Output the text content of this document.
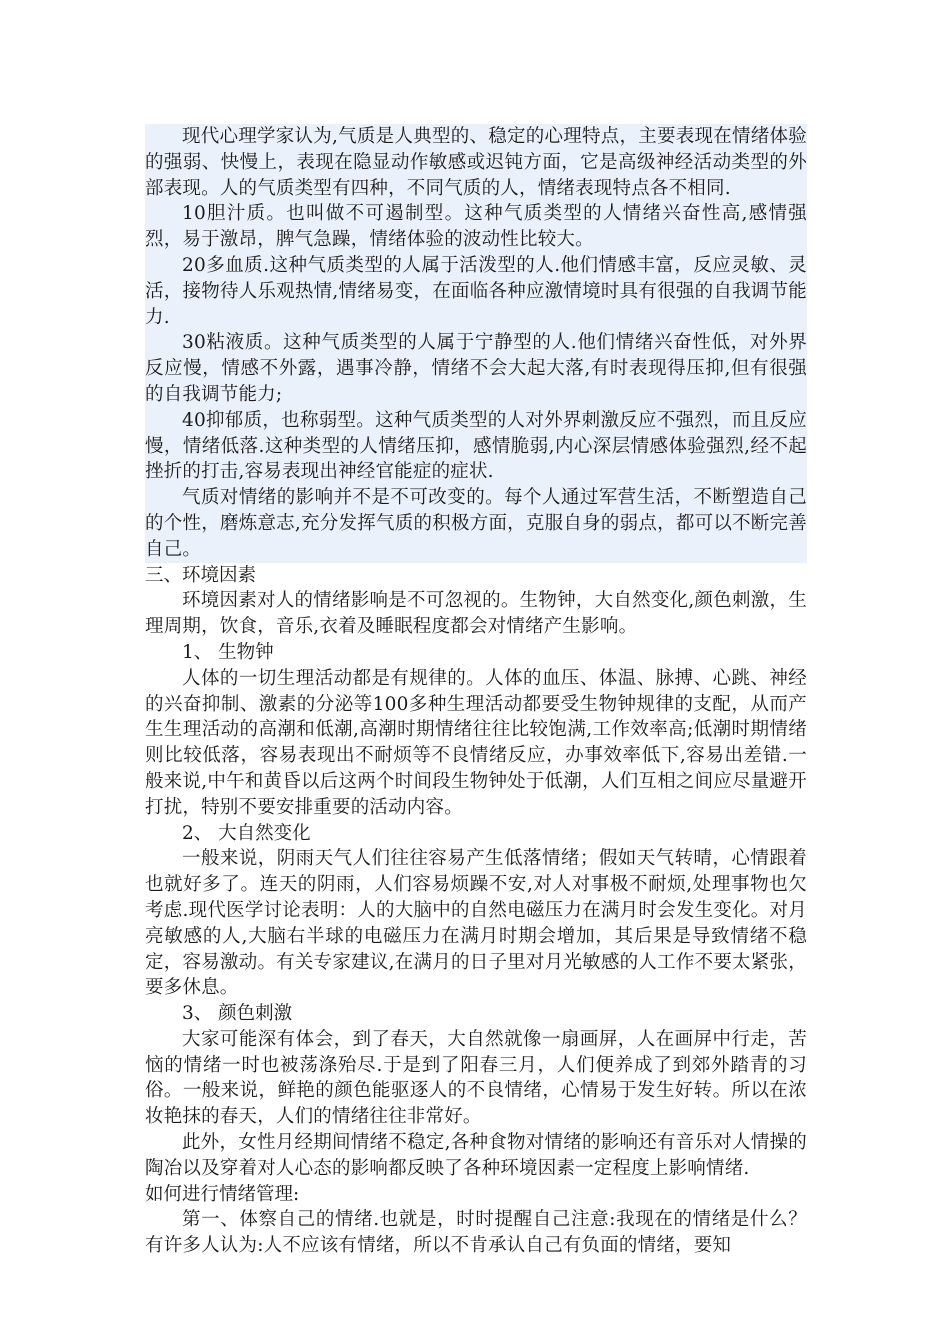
现代心理学家认为,气质是人典型的、稳定的心理特点，主要表现在情绪体验的强弱、快慢上，表现在隐显动作敏感或迟钝方面，它是高级神经活动类型的外部表现。人的气质类型有四种，不同气质的人，情绪表现特点各不相同.

10胆汁质。也叫做不可遏制型。这种气质类型的人情绪兴奋性高,感情强烈，易于激昂，脾气急躁，情绪体验的波动性比较大。

20多血质.这种气质类型的人属于活泼型的人.他们情感丰富，反应灵敏、灵活，接物待人乐观热情,情绪易变，在面临各种应激情境时具有很强的自我调节能力.

30粘液质。这种气质类型的人属于宁静型的人.他们情绪兴奋性低，对外界反应慢，情感不外露，遇事冷静，情绪不会大起大落,有时表现得压抑,但有很强的自我调节能力;

40抑郁质，也称弱型。这种气质类型的人对外界刺激反应不强烈，而且反应慢，情绪低落.这种类型的人情绪压抑，感情脆弱,内心深层情感体验强烈,经不起挫折的打击,容易表现出神经官能症的症状.

气质对情绪的影响并不是不可改变的。每个人通过军营生活，不断塑造自己的个性，磨炼意志,充分发挥气质的积极方面，克服自身的弱点，都可以不断完善自己。

三、环境因素

环境因素对人的情绪影响是不可忽视的。生物钟，大自然变化,颜色刺激，生理周期，饮食，音乐,衣着及睡眠程度都会对情绪产生影响。

1、 生物钟

人体的一切生理活动都是有规律的。人体的血压、体温、脉搏、心跳、神经的兴奋抑制、激素的分泌等100多种生理活动都要受生物钟规律的支配，从而产生生理活动的高潮和低潮,高潮时期情绪往往比较饱满,工作效率高;低潮时期情绪则比较低落，容易表现出不耐烦等不良情绪反应，办事效率低下,容易出差错.一般来说,中午和黄昏以后这两个时间段生物钟处于低潮，人们互相之间应尽量避开打扰，特别不要安排重要的活动内容。

2、 大自然变化

一般来说，阴雨天气人们往往容易产生低落情绪；假如天气转晴，心情跟着也就好多了。连天的阴雨，人们容易烦躁不安,对人对事极不耐烦,处理事物也欠考虑.现代医学讨论表明：人的大脑中的自然电磁压力在满月时会发生变化。对月亮敏感的人,大脑右半球的电磁压力在满月时期会增加，其后果是导致情绪不稳定，容易激动。有关专家建议,在满月的日子里对月光敏感的人工作不要太紧张，要多休息。

3、 颜色刺激

大家可能深有体会，到了春天，大自然就像一扇画屏，人在画屏中行走，苦恼的情绪一时也被荡涤殆尽.于是到了阳春三月，人们便养成了到郊外踏青的习俗。一般来说，鲜艳的颜色能驱逐人的不良情绪，心情易于发生好转。所以在浓妆艳抹的春天，人们的情绪往往非常好。

此外，女性月经期间情绪不稳定,各种食物对情绪的影响还有音乐对人情操的陶冶以及穿着对人心态的影响都反映了各种环境因素一定程度上影响情绪.

如何进行情绪管理:

第一、体察自己的情绪.也就是，时时提醒自己注意:我现在的情绪是什么？有许多人认为:人不应该有情绪，所以不肯承认自己有负面的情绪，要知
